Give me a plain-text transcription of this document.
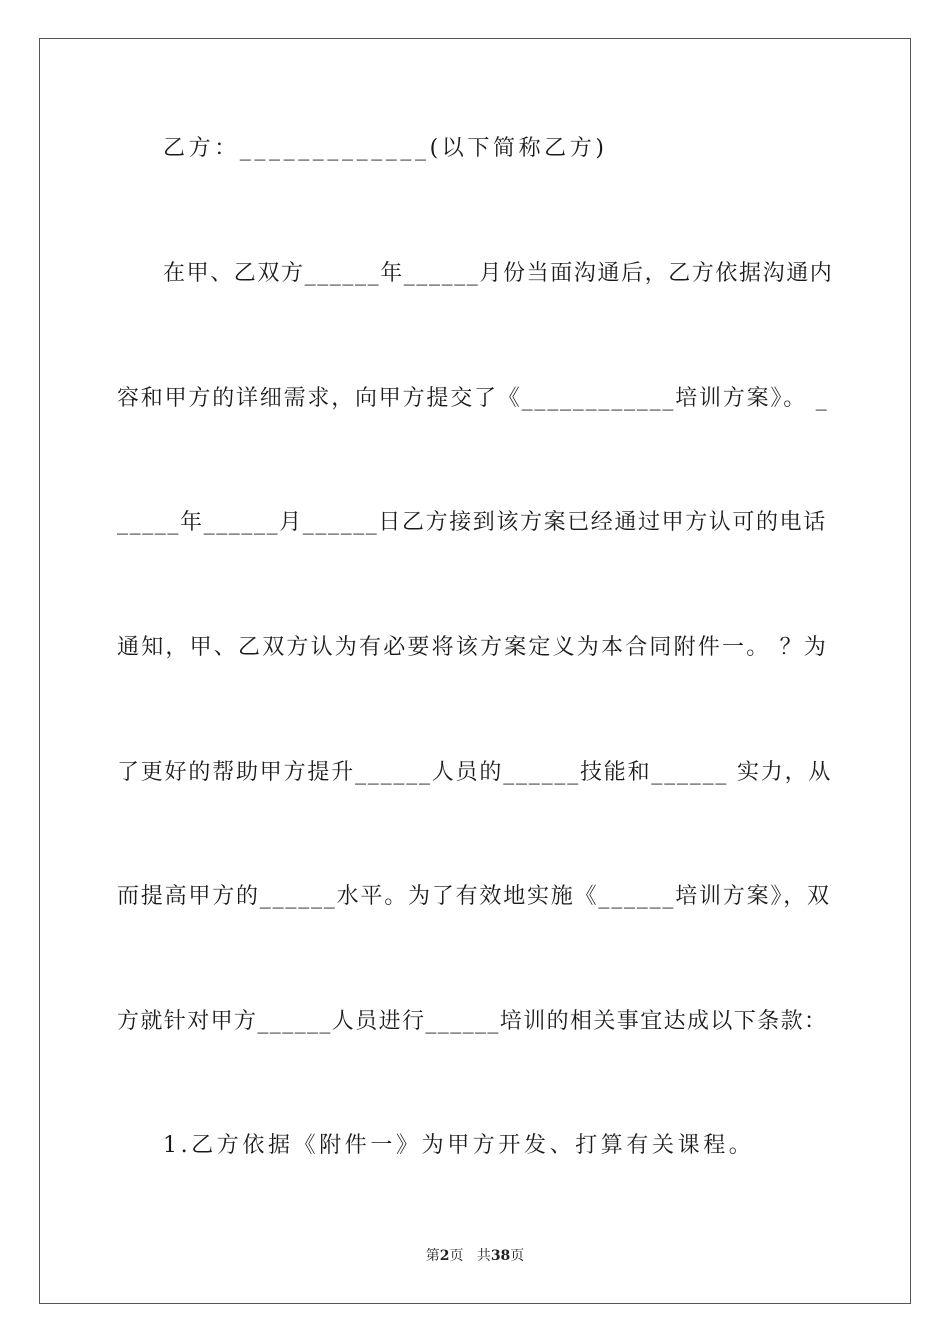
乙方：_____________(以下简称乙方)
在甲、乙双方______年______月份当面沟通后，乙方依据沟通内
容和甲方的详细需求，向甲方提交了《____________培训方案》。 _
_____年______月______日乙方接到该方案已经通过甲方认可的电话
通知，甲、乙双方认为有必要将该方案定义为本合同附件一。 ？为
了更好的帮助甲方提升______人员的______技能和______ 实力，从
而提高甲方的______水平。为了有效地实施《______培训方案》，双
方就针对甲方______人员进行______培训的相关事宜达成以下条款：
1.乙方依据《附件一》为甲方开发、打算有关课程。
第2页 共38页
